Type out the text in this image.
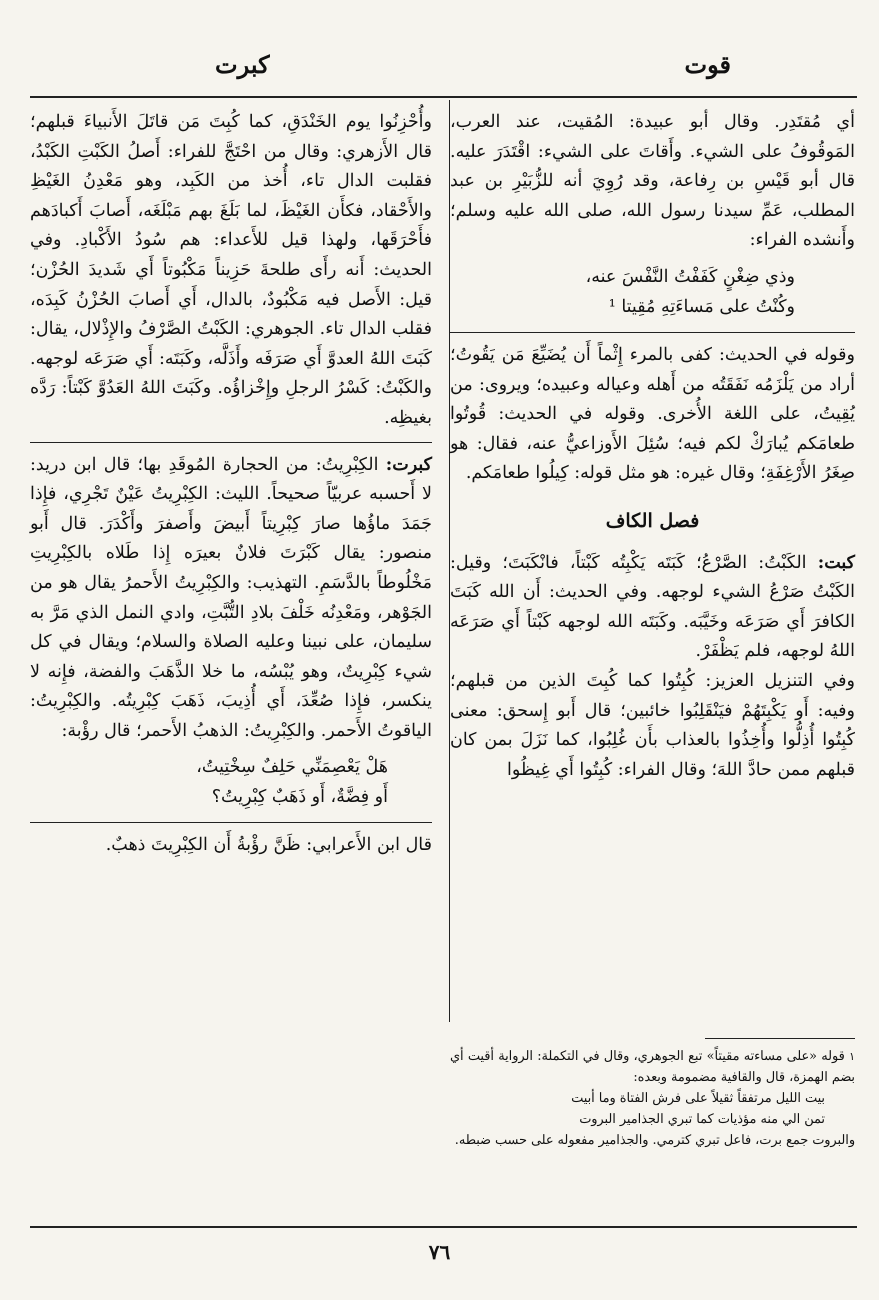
قوت
كبرت

أي مُقتَدِر. وقال أبو عبيدة: المُقيت، عند العرب، المَوقُوفُ على الشيء. وأَقاتَ على الشيء: اقْتَدَرَ عليه. قال أبو قَيْسِ بن رِفاعة، وقد رُوِيَ أنه للزُّبَيْرِ بن عبد المطلب، عَمِّ سيدنا رسول الله، صلى الله عليه وسلم؛ وأَنشده الفراء:

وذي ضِغْنٍ كَفَفْتُ النَّفْسَ عنه،
وكُنْتُ على مَساءَتِهِ مُقِيتا ¹

وقوله في الحديث: كفى بالمرء إِثْماً أَن يُضَيِّعَ مَن يَقُوتُ؛ أراد من يَلْزَمُه نَفَقَتُه من أَهله وعياله وعبيده؛ ويروى: من يُقِيتُ، على اللغة الأُخرى. وقوله في الحديث: قُوتُوا طعامَكم يُبارَكْ لكم فيه؛ سُئِلَ الأَوزاعيُّ عنه، فقال: هو صِغَرُ الأَرْغِفَةِ؛ وقال غيره: هو مثل قوله: كِيلُوا طعامَكم.

فصل الكاف

كبت: الكَبْتُ: الصَّرْعُ؛ كَبَتَه يَكْبِتُه كَبْتاً، فانْكَبَتَ؛ وقيل: الكَبْتُ صَرْعُ الشيء لوجهه. وفي الحديث: أَن الله كَبَتَ الكافرَ أَي صَرَعَه وخَيَّبَه. وكَبَتَه الله لوجهه كَبْتاً أَي صَرَعَه اللهُ لوجهه، فلم يَظْفَرْ.

وفي التنزيل العزيز: كُبِتُوا كما كُبِتَ الذين من قبلهم؛ وفيه: أَو يَكْبِتَهُمْ فيَنْقَلِبُوا خائبين؛ قال أَبو إِسحق: معنى كُبِتُوا أُذِلُّوا وأُخِذُوا بالعذاب بأَن غُلِبُوا، كما نَزَلَ بمن كان قبلهم ممن حادَّ اللهَ؛ وقال الفراء: كُبِتُوا أَي غِيظُوا

وأُحْزِنُوا يوم الخَنْدَقِ، كما كُبِتَ مَن قاتَلَ الأَنبياءَ قبلهم؛ قال الأَزهري: وقال من احْتَجَّ للفراء: أَصلُ الكَبْتِ الكَبْدُ، فقلبت الدال تاء، أُخذ من الكَبِد، وهو مَعْدِنُ الغَيْظِ والأَحْقاد، فكأَن الغَيْظَ، لما بَلَغَ بهم مَبْلَغَه، أَصابَ أَكبادَهم فأَحْرَقَها، ولهذا قيل للأَعداء: هم سُودُ الأَكْبادِ. وفي الحديث: أَنه رأَى طلحةَ حَزِيناً مَكْبُوتاً أَي شَديدَ الحُزْن؛ قيل: الأَصل فيه مَكْبُودٌ، بالدال، أَي أَصابَ الحُزْنُ كَبِدَه، فقلب الدال تاء. الجوهري: الكَبْتُ الصَّرْفُ والإِذْلال، يقال: كَبَتَ اللهُ العدوَّ أَي صَرَفَه وأَذَلَّه، وكَبَتَه: أَي صَرَعَه لوجهه. والكَبْتُ: كَسْرُ الرجلِ وإِخْزاؤُه. وكَبَتَ اللهُ العَدُوَّ كَبْتاً: رَدَّه بغيظِه.

كبرت: الكِبْرِيتُ: من الحجارة المُوقَدِ بها؛ قال ابن دريد: لا أَحسبه عربيّاً صحيحاً. الليث: الكِبْرِيتُ عَيْنٌ تَجْرِي، فإِذا جَمَدَ ماؤُها صارَ كِبْرِيتاً أَبيضَ وأَصفرَ وأَكْدَرَ. قال أَبو منصور: يقال كَبْرَتَ فلانٌ بعيرَه إِذا طَلاه بالكِبْرِيتِ مَخْلُوطاً بالدَّسَمِ. التهذيب: والكِبْرِيتُ الأَحمرُ يقال هو من الجَوْهر، ومَعْدِنُه خَلْفَ بلادِ التُّبَّتِ، وادي النمل الذي مَرَّ به سليمان، على نبينا وعليه الصلاة والسلام؛ ويقال في كل شيء كِبْرِيتٌ، وهو يُبْسُه، ما خلا الذَّهَبَ والفضة، فإِنه لا ينكسر، فإِذا صُعِّدَ، أَي أُذِيبَ، ذَهَبَ كِبْرِيتُه. والكِبْرِيتُ: الياقوتُ الأَحمر. والكِبْرِيتُ: الذهبُ الأَحمر؛ قال رؤْبة:

هَلْ يَعْصِمَنِّي حَلِفٌ سِخْتِيتُ،
أَو فِضَّةٌ، أَو ذَهَبٌ كِبْرِيتُ؟

قال ابن الأَعرابي: ظَنَّ رؤْبةُ أَن الكِبْرِيتَ ذهبٌ.

١ قوله «على مساءته مقيتاً» تبع الجوهري، وقال في التكملة: الرواية أقيت أي بضم الهمزة، قال والقافية مضمومة وبعده:
بيت الليل مرتفقاً ثقيلاً على فرش الفتاة وما أبيت
تمن الي منه مؤذيات كما تبري الجذامير البروت
والبروت جمع برت، فاعل تبري كترمي. والجذامير مفعوله على حسب ضبطه.
٧٦
